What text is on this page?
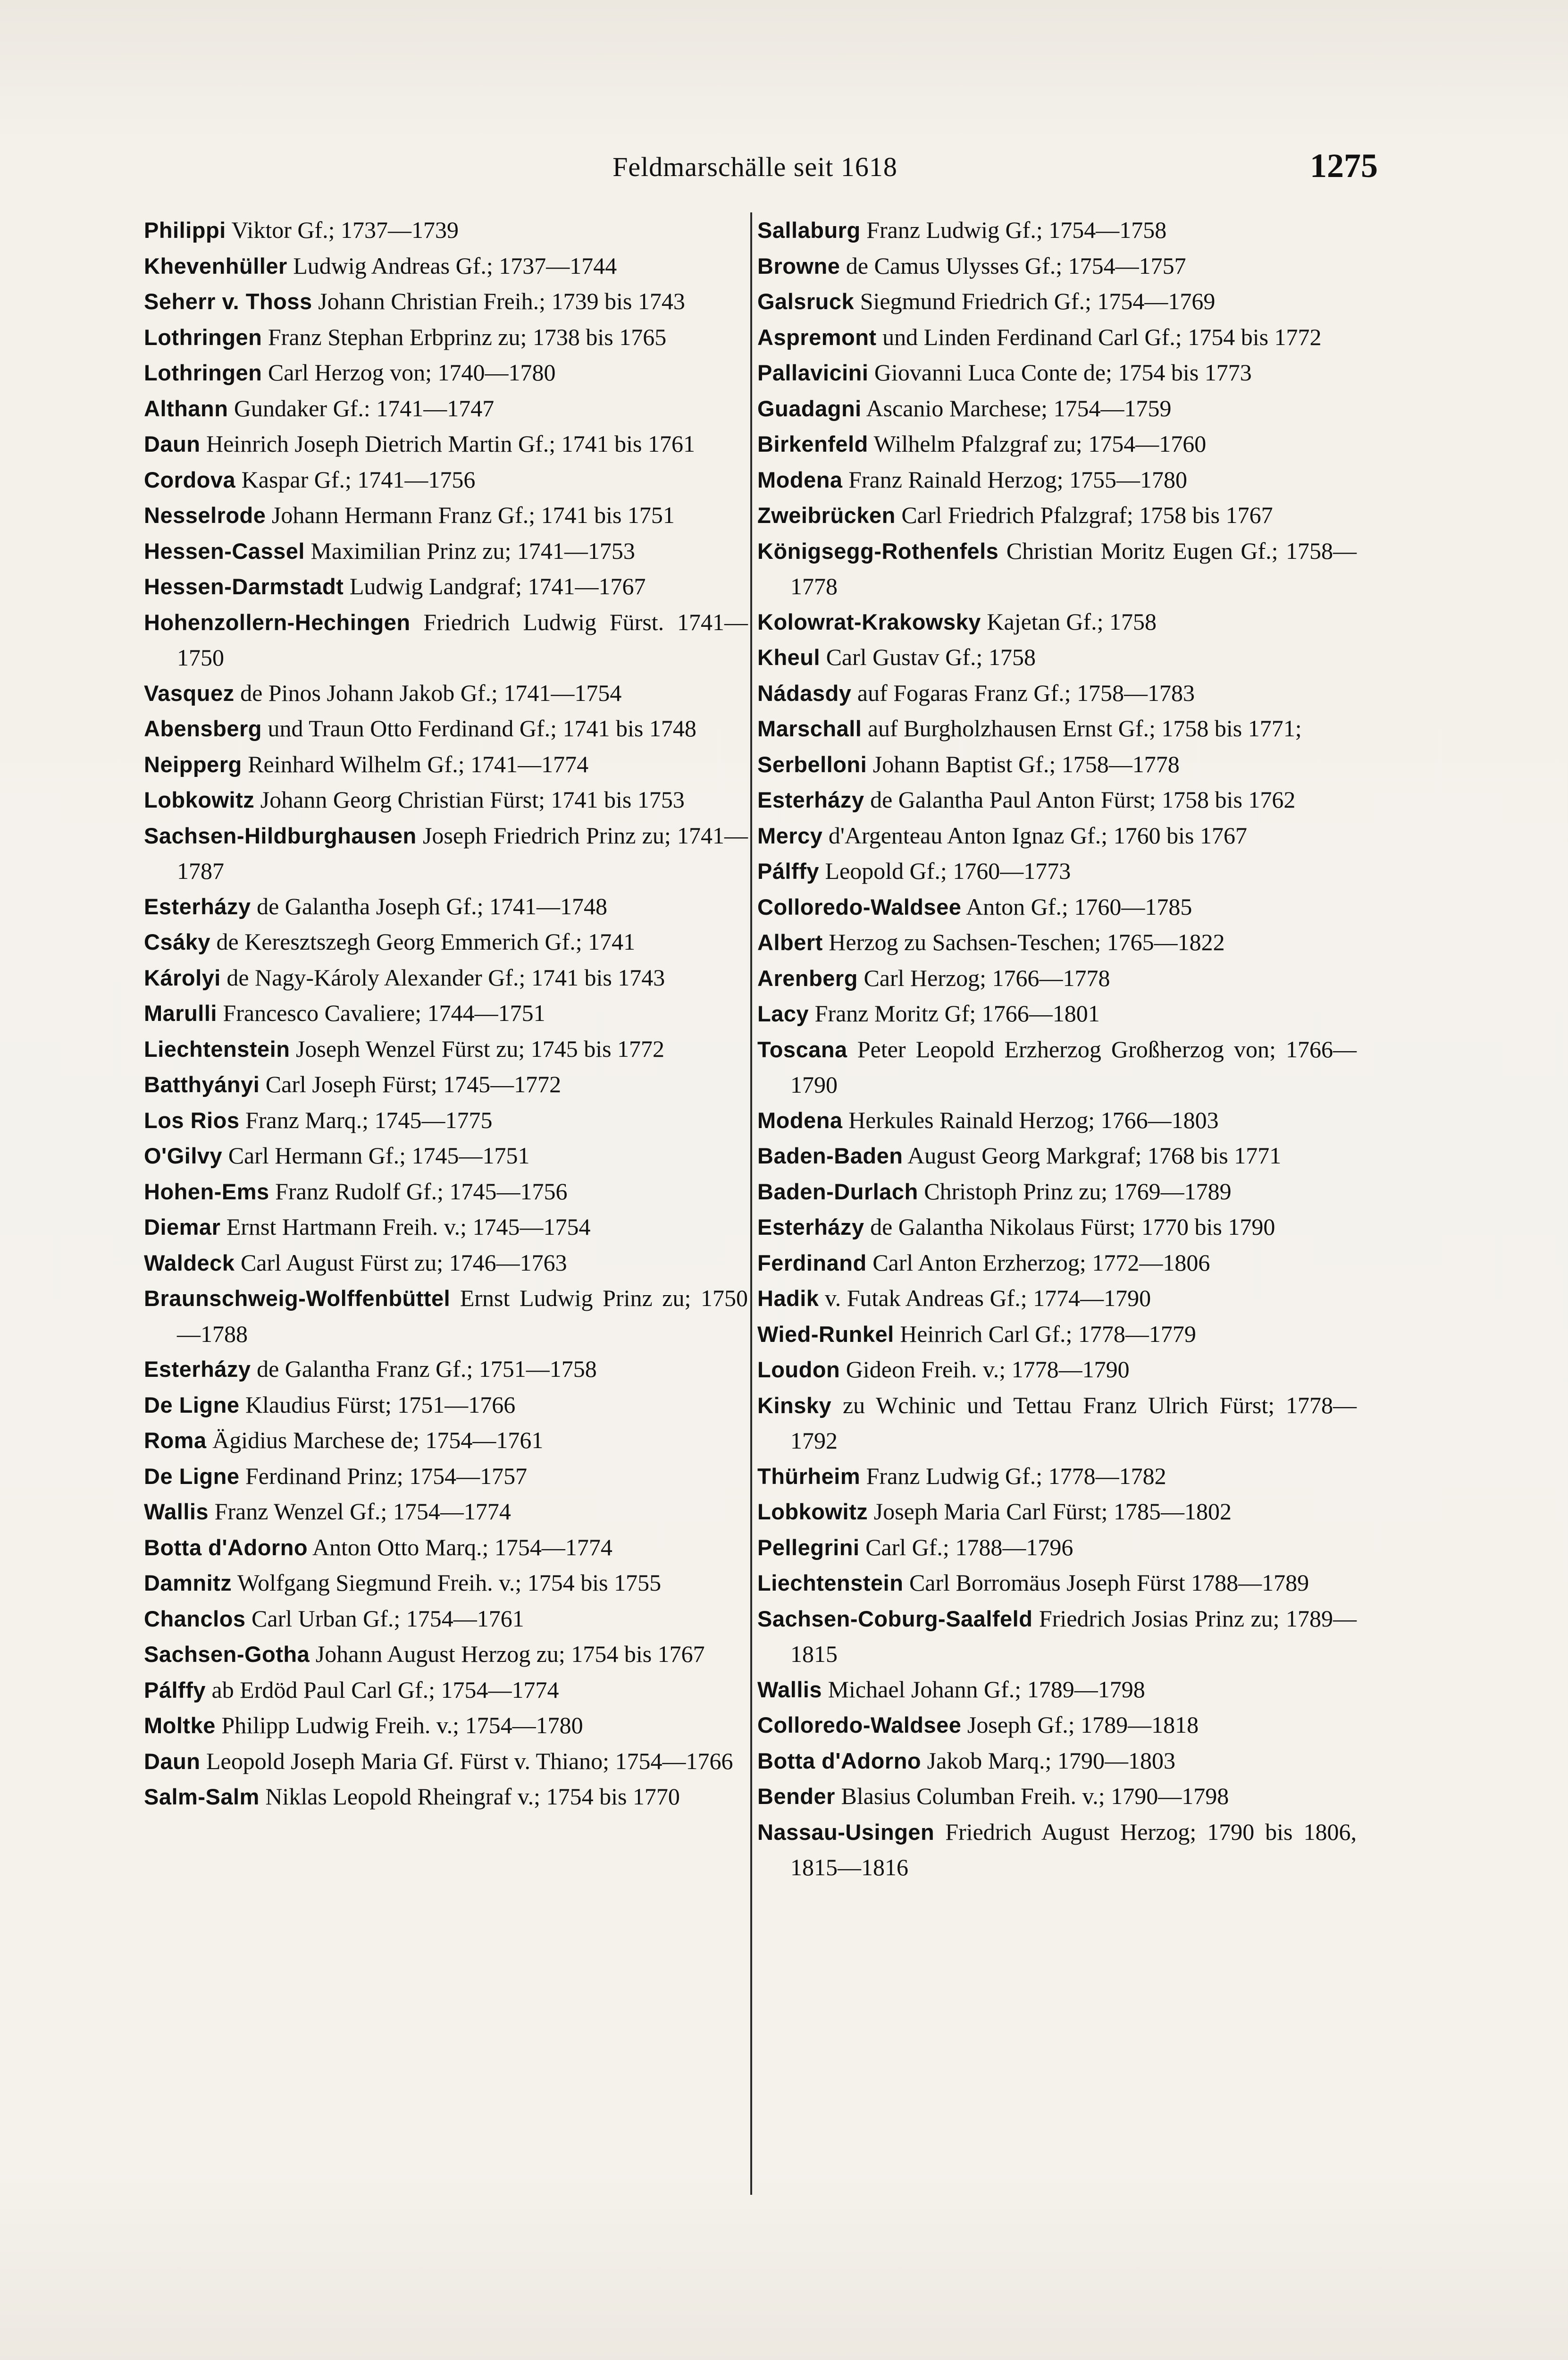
Feldmarschälle seit 1618	1275
Philippi Viktor Gf.; 1737—1739
Khevenhüller Ludwig Andreas Gf.; 1737—1744
Seherr v. Thoss Johann Christian Freih.; 1739 bis 1743
Lothringen Franz Stephan Erbprinz zu; 1738 bis 1765
Lothringen Carl Herzog von; 1740—1780
Althann Gundaker Gf.: 1741—1747
Daun Heinrich Joseph Dietrich Martin Gf.; 1741 bis 1761
Cordova Kaspar Gf.; 1741—1756
Nesselrode Johann Hermann Franz Gf.; 1741 bis 1751
Hessen-Cassel Maximilian Prinz zu; 1741—1753
Hessen-Darmstadt Ludwig Landgraf; 1741—1767
Hohenzollern-Hechingen Friedrich Ludwig Fürst. 1741—1750
Vasquez de Pinos Johann Jakob Gf.; 1741—1754
Abensberg und Traun Otto Ferdinand Gf.; 1741 bis 1748
Neipperg Reinhard Wilhelm Gf.; 1741—1774
Lobkowitz Johann Georg Christian Fürst; 1741 bis 1753
Sachsen-Hildburghausen Joseph Friedrich Prinz zu; 1741—1787
Esterházy de Galantha Joseph Gf.; 1741—1748
Csáky de Keresztszegh Georg Emmerich Gf.; 1741
Károlyi de Nagy-Károly Alexander Gf.; 1741 bis 1743
Marulli Francesco Cavaliere; 1744—1751
Liechtenstein Joseph Wenzel Fürst zu; 1745 bis 1772
Batthyányi Carl Joseph Fürst; 1745—1772
Los Rios Franz Marq.; 1745—1775
O'Gilvy Carl Hermann Gf.; 1745—1751
Hohen-Ems Franz Rudolf Gf.; 1745—1756
Diemar Ernst Hartmann Freih. v.; 1745—1754
Waldeck Carl August Fürst zu; 1746—1763
Braunschweig-Wolffenbüttel Ernst Ludwig Prinz zu; 1750—1788
Esterházy de Galantha Franz Gf.; 1751—1758
De Ligne Klaudius Fürst; 1751—1766
Roma Ägidius Marchese de; 1754—1761
De Ligne Ferdinand Prinz; 1754—1757
Wallis Franz Wenzel Gf.; 1754—1774
Botta d'Adorno Anton Otto Marq.; 1754—1774
Damnitz Wolfgang Siegmund Freih. v.; 1754 bis 1755
Chanclos Carl Urban Gf.; 1754—1761
Sachsen-Gotha Johann August Herzog zu; 1754 bis 1767
Pálffy ab Erdöd Paul Carl Gf.; 1754—1774
Moltke Philipp Ludwig Freih. v.; 1754—1780
Daun Leopold Joseph Maria Gf. Fürst v. Thiano; 1754—1766
Salm-Salm Niklas Leopold Rheingraf v.; 1754 bis 1770
Sallaburg Franz Ludwig Gf.; 1754—1758
Browne de Camus Ulysses Gf.; 1754—1757
Galsruck Siegmund Friedrich Gf.; 1754—1769
Aspremont und Linden Ferdinand Carl Gf.; 1754 bis 1772
Pallavicini Giovanni Luca Conte de; 1754 bis 1773
Guadagni Ascanio Marchese; 1754—1759
Birkenfeld Wilhelm Pfalzgraf zu; 1754—1760
Modena Franz Rainald Herzog; 1755—1780
Zweibrücken Carl Friedrich Pfalzgraf; 1758 bis 1767
Königsegg-Rothenfels Christian Moritz Eugen Gf.; 1758—1778
Kolowrat-Krakowsky Kajetan Gf.; 1758
Kheul Carl Gustav Gf.; 1758
Nádasdy auf Fogaras Franz Gf.; 1758—1783
Marschall auf Burgholzhausen Ernst Gf.; 1758 bis 1771;
Serbelloni Johann Baptist Gf.; 1758—1778
Esterházy de Galantha Paul Anton Fürst; 1758 bis 1762
Mercy d'Argenteau Anton Ignaz Gf.; 1760 bis 1767
Pálffy Leopold Gf.; 1760—1773
Colloredo-Waldsee Anton Gf.; 1760—1785
Albert Herzog zu Sachsen-Teschen; 1765—1822
Arenberg Carl Herzog; 1766—1778
Lacy Franz Moritz Gf; 1766—1801
Toscana Peter Leopold Erzherzog Großherzog von; 1766—1790
Modena Herkules Rainald Herzog; 1766—1803
Baden-Baden August Georg Markgraf; 1768 bis 1771
Baden-Durlach Christoph Prinz zu; 1769—1789
Esterházy de Galantha Nikolaus Fürst; 1770 bis 1790
Ferdinand Carl Anton Erzherzog; 1772—1806
Hadik v. Futak Andreas Gf.; 1774—1790
Wied-Runkel Heinrich Carl Gf.; 1778—1779
Loudon Gideon Freih. v.; 1778—1790
Kinsky zu Wchinic und Tettau Franz Ulrich Fürst; 1778—1792
Thürheim Franz Ludwig Gf.; 1778—1782
Lobkowitz Joseph Maria Carl Fürst; 1785—1802
Pellegrini Carl Gf.; 1788—1796
Liechtenstein Carl Borromäus Joseph Fürst 1788—1789
Sachsen-Coburg-Saalfeld Friedrich Josias Prinz zu; 1789—1815
Wallis Michael Johann Gf.; 1789—1798
Colloredo-Waldsee Joseph Gf.; 1789—1818
Botta d'Adorno Jakob Marq.; 1790—1803
Bender Blasius Columban Freih. v.; 1790—1798
Nassau-Usingen Friedrich August Herzog; 1790 bis 1806, 1815—1816
